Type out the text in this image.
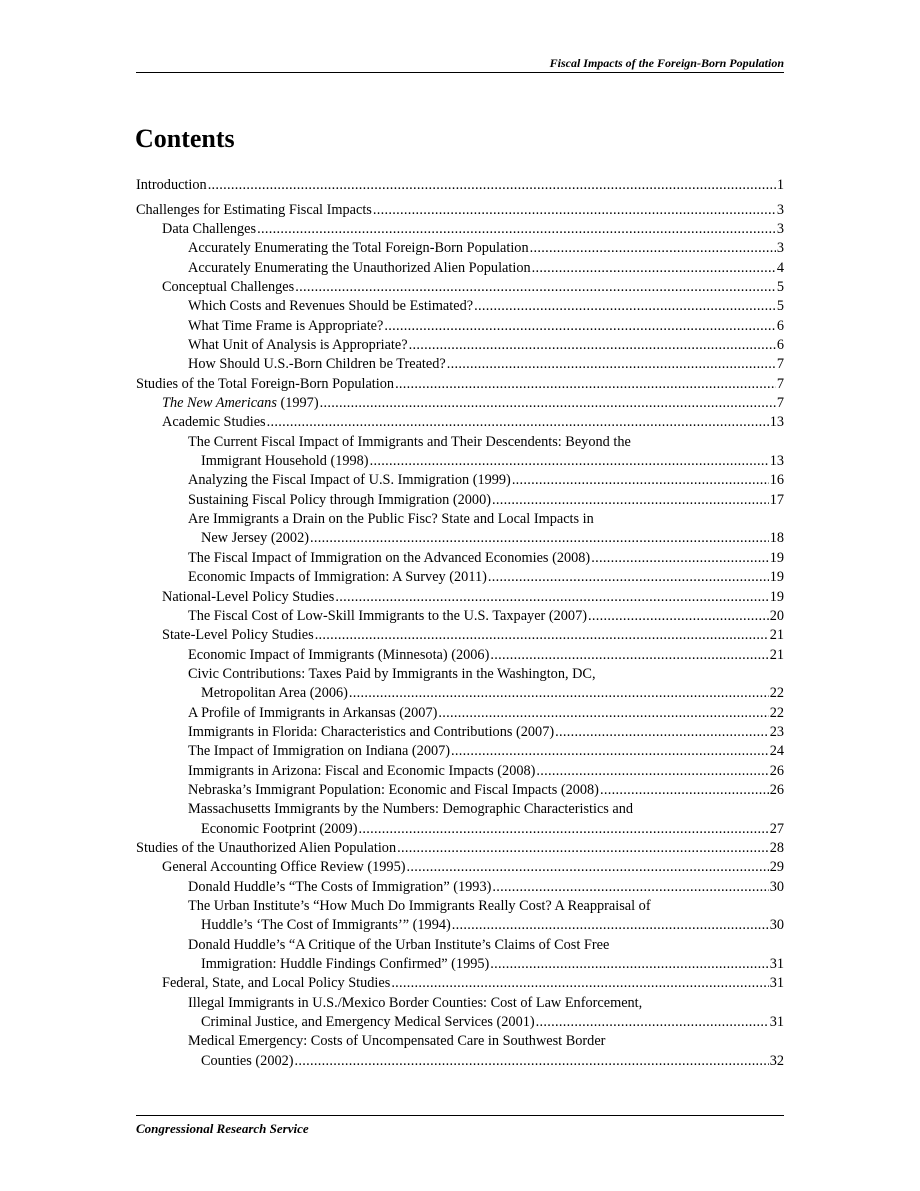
Fiscal Impacts of the Foreign-Born Population
Contents
Introduction .....	1
Challenges for Estimating Fiscal Impacts .....	3
Data Challenges .....	3
Accurately Enumerating the Total Foreign-Born Population .....	3
Accurately Enumerating the Unauthorized Alien Population .....	4
Conceptual Challenges .....	5
Which Costs and Revenues Should be Estimated? .....	5
What Time Frame is Appropriate? .....	6
What Unit of Analysis is Appropriate? .....	6
How Should U.S.-Born Children be Treated? .....	7
Studies of the Total Foreign-Born Population .....	7
The New Americans (1997) .....	7
Academic Studies .....	13
The Current Fiscal Impact of Immigrants and Their Descendents: Beyond the
Immigrant Household (1998) .....	13
Analyzing the Fiscal Impact of U.S. Immigration (1999) .....	16
Sustaining Fiscal Policy through Immigration (2000) .....	17
Are Immigrants a Drain on the Public Fisc? State and Local Impacts in
New Jersey (2002) .....	18
The Fiscal Impact of Immigration on the Advanced Economies (2008) .....	19
Economic Impacts of Immigration: A Survey (2011) .....	19
National-Level Policy Studies .....	19
The Fiscal Cost of Low-Skill Immigrants to the U.S. Taxpayer (2007) .....	20
State-Level Policy Studies .....	21
Economic Impact of Immigrants (Minnesota) (2006) .....	21
Civic Contributions: Taxes Paid by Immigrants in the Washington, DC,
Metropolitan Area (2006) .....	22
A Profile of Immigrants in Arkansas (2007) .....	22
Immigrants in Florida: Characteristics and Contributions (2007) .....	23
The Impact of Immigration on Indiana (2007) .....	24
Immigrants in Arizona: Fiscal and Economic Impacts (2008) .....	26
Nebraska’s Immigrant Population: Economic and Fiscal Impacts (2008) .....	26
Massachusetts Immigrants by the Numbers: Demographic Characteristics and
Economic Footprint (2009) .....	27
Studies of the Unauthorized Alien Population .....	28
General Accounting Office Review (1995) .....	29
Donald Huddle’s “The Costs of Immigration” (1993) .....	30
The Urban Institute’s “How Much Do Immigrants Really Cost? A Reappraisal of
Huddle’s ‘The Cost of Immigrants’” (1994) .....	30
Donald Huddle’s “A Critique of the Urban Institute’s Claims of Cost Free
Immigration: Huddle Findings Confirmed” (1995) .....	31
Federal, State, and Local Policy Studies .....	31
Illegal Immigrants in U.S./Mexico Border Counties: Cost of Law Enforcement,
Criminal Justice, and Emergency Medical Services (2001) .....	31
Medical Emergency: Costs of Uncompensated Care in Southwest Border
Counties (2002) .....	32
Congressional Research Service
